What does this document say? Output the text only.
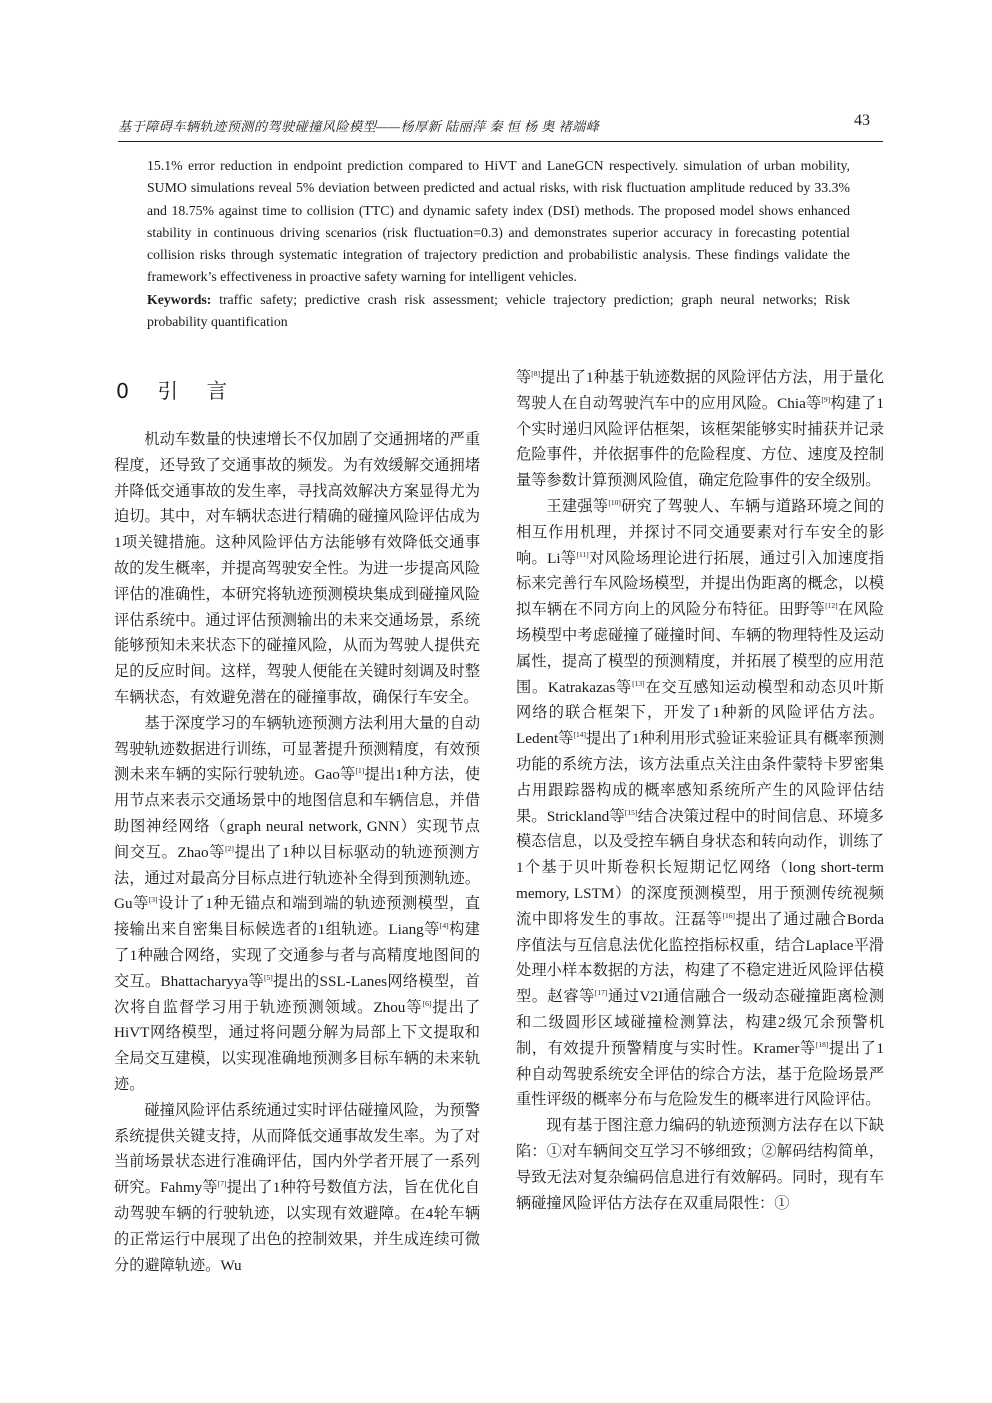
基于障碍车辆轨迹预测的驾驶碰撞风险模型——杨厚新 陆丽萍 秦 恒 杨 奥 褚端峰	43

15.1% error reduction in endpoint prediction compared to HiVT and LaneGCN respectively. simulation of urban mobility, SUMO simulations reveal 5% deviation between predicted and actual risks, with risk fluctuation amplitude reduced by 33.3% and 18.75% against time to collision (TTC) and dynamic safety index (DSI) methods. The proposed model shows enhanced stability in continuous driving scenarios (risk fluctuation=0.3) and demonstrates superior accuracy in forecasting potential collision risks through systematic integration of trajectory prediction and probabilistic analysis. These findings validate the framework’s effectiveness in proactive safety warning for intelligent vehicles.

Keywords: traffic safety; predictive crash risk assessment; vehicle trajectory prediction; graph neural networks; Risk probability quantification

0 引 言

机动车数量的快速增长不仅加剧了交通拥堵的严重程度，还导致了交通事故的频发。为有效缓解交通拥堵并降低交通事故的发生率，寻找高效解决方案显得尤为迫切。其中，对车辆状态进行精确的碰撞风险评估成为1项关键措施。这种风险评估方法能够有效降低交通事故的发生概率，并提高驾驶安全性。为进一步提高风险评估的准确性，本研究将轨迹预测模块集成到碰撞风险评估系统中。通过评估预测输出的未来交通场景，系统能够预知未来状态下的碰撞风险，从而为驾驶人提供充足的反应时间。这样，驾驶人便能在关键时刻调及时整车辆状态，有效避免潜在的碰撞事故，确保行车安全。

基于深度学习的车辆轨迹预测方法利用大量的自动驾驶轨迹数据进行训练，可显著提升预测精度，有效预测未来车辆的实际行驶轨迹。Gao等[1]提出1种方法，使用节点来表示交通场景中的地图信息和车辆信息，并借助图神经网络（graph neural network, GNN）实现节点间交互。Zhao等[2]提出了1种以目标驱动的轨迹预测方法，通过对最高分目标点进行轨迹补全得到预测轨迹。Gu等[3]设计了1种无锚点和端到端的轨迹预测模型，直接输出来自密集目标候选者的1组轨迹。Liang等[4]构建了1种融合网络，实现了交通参与者与高精度地图间的交互。Bhattacharyya等[5]提出的SSL-Lanes网络模型，首次将自监督学习用于轨迹预测领域。Zhou等[6]提出了HiVT网络模型，通过将问题分解为局部上下文提取和全局交互建模，以实现准确地预测多目标车辆的未来轨迹。

碰撞风险评估系统通过实时评估碰撞风险，为预警系统提供关键支持，从而降低交通事故发生率。为了对当前场景状态进行准确评估，国内外学者开展了一系列研究。Fahmy等[7]提出了1种符号数值方法，旨在优化自动驾驶车辆的行驶轨迹，以实现有效避障。在4轮车辆的正常运行中展现了出色的控制效果，并生成连续可微分的避障轨迹。Wu

等[8]提出了1种基于轨迹数据的风险评估方法，用于量化驾驶人在自动驾驶汽车中的应用风险。Chia等[9]构建了1个实时递归风险评估框架，该框架能够实时捕获并记录危险事件，并依据事件的危险程度、方位、速度及控制量等参数计算预测风险值，确定危险事件的安全级别。

王建强等[10]研究了驾驶人、车辆与道路环境之间的相互作用机理，并探讨不同交通要素对行车安全的影响。Li等[11]对风险场理论进行拓展，通过引入加速度指标来完善行车风险场模型，并提出伪距离的概念，以模拟车辆在不同方向上的风险分布特征。田野等[12]在风险场模型中考虑碰撞了碰撞时间、车辆的物理特性及运动属性，提高了模型的预测精度，并拓展了模型的应用范围。Katrakazas等[13]在交互感知运动模型和动态贝叶斯网络的联合框架下，开发了1种新的风险评估方法。Ledent等[14]提出了1种利用形式验证来验证具有概率预测功能的系统方法，该方法重点关注由条件蒙特卡罗密集占用跟踪器构成的概率感知系统所产生的风险评估结果。Strickland等[15]结合决策过程中的时间信息、环境多模态信息，以及受控车辆自身状态和转向动作，训练了1个基于贝叶斯卷积长短期记忆网络（long short-term memory, LSTM）的深度预测模型，用于预测传统视频流中即将发生的事故。汪磊等[16]提出了通过融合Borda序值法与互信息法优化监控指标权重，结合Laplace平滑处理小样本数据的方法，构建了不稳定进近风险评估模型。赵睿等[17]通过V2I通信融合一级动态碰撞距离检测和二级圆形区域碰撞检测算法，构建2级冗余预警机制，有效提升预警精度与实时性。Kramer等[18]提出了1种自动驾驶系统安全评估的综合方法，基于危险场景严重性评级的概率分布与危险发生的概率进行风险评估。

现有基于图注意力编码的轨迹预测方法存在以下缺陷：①对车辆间交互学习不够细致；②解码结构简单，导致无法对复杂编码信息进行有效解码。同时，现有车辆碰撞风险评估方法存在双重局限性：①
